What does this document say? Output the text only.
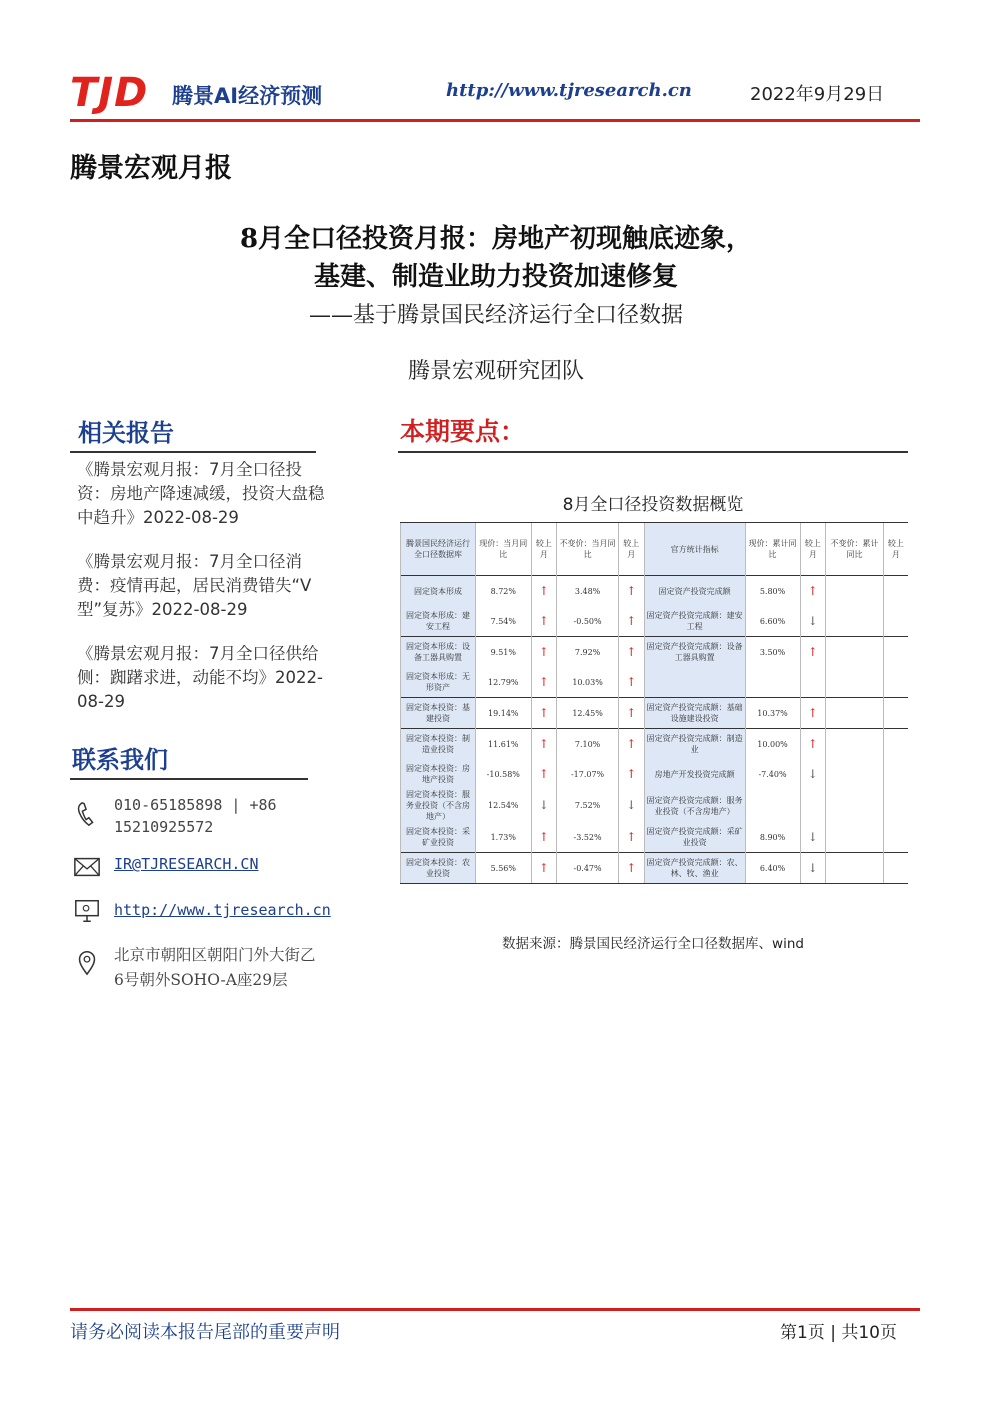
TJD 腾景AI经济预测	http://www.tjresearch.cn	2022年9月29日
腾景宏观月报
8月全口径投资月报：房地产初现触底迹象，
基建、制造业助力投资加速修复
——基于腾景国民经济运行全口径数据
腾景宏观研究团队
相关报告

《腾景宏观月报：7月全口径投资：房地产降速减缓，投资大盘稳中趋升》2022-08-29

《腾景宏观月报：7月全口径消费：疫情再起，居民消费错失“V型”复苏》2022-08-29

《腾景宏观月报：7月全口径供给侧：踟躇求进，动能不均》2022-08-29

联系我们
010-65185898 | +86
15210925572
IR@TJRESEARCH.CN
http://www.tjresearch.cn
北京市朝阳区朝阳门外大街乙
6号朝外SOHO-A座29层
本期要点：
8月全口径投资数据概览
腾景国民经济运行全口径数据库	现价：当月同比	较上月	不变价：当月同比	较上月	官方统计指标	现价：累计同比	较上月	不变价：累计同比	较上月
固定资本形成	8.72%	↑	3.48%	↑	固定资产投资完成额	5.80%	↑		
固定资本形成：建安工程	7.54%	↑	-0.50%	↑	固定资产投资完成额：建安工程	6.60%	↓		
固定资本形成：设备工器具购置	9.51%	↑	7.92%	↑	固定资产投资完成额：设备工器具购置	3.50%	↑		
固定资本形成：无形资产	12.79%	↑	10.03%	↑					
固定资本投资：基建投资	19.14%	↑	12.45%	↑	固定资产投资完成额：基础设施建设投资	10.37%	↑		
固定资本投资：制造业投资	11.61%	↑	7.10%	↑	固定资产投资完成额：制造业	10.00%	↑		
固定资本投资：房地产投资	-10.58%	↑	-17.07%	↑	房地产开发投资完成额	-7.40%	↓		
固定资本投资：服务业投资（不含房地产）	12.54%	↓	7.52%	↓	固定资产投资完成额：服务业投资（不含房地产）				
固定资本投资：采矿业投资	1.73%	↑	-3.52%	↑	固定资产投资完成额：采矿业投资	8.90%	↓		
固定资本投资：农业投资	5.56%	↑	-0.47%	↑	固定资产投资完成额：农、林、牧、渔业	6.40%	↓		
数据来源：腾景国民经济运行全口径数据库、wind
请务必阅读本报告尾部的重要声明	第1页 | 共10页
